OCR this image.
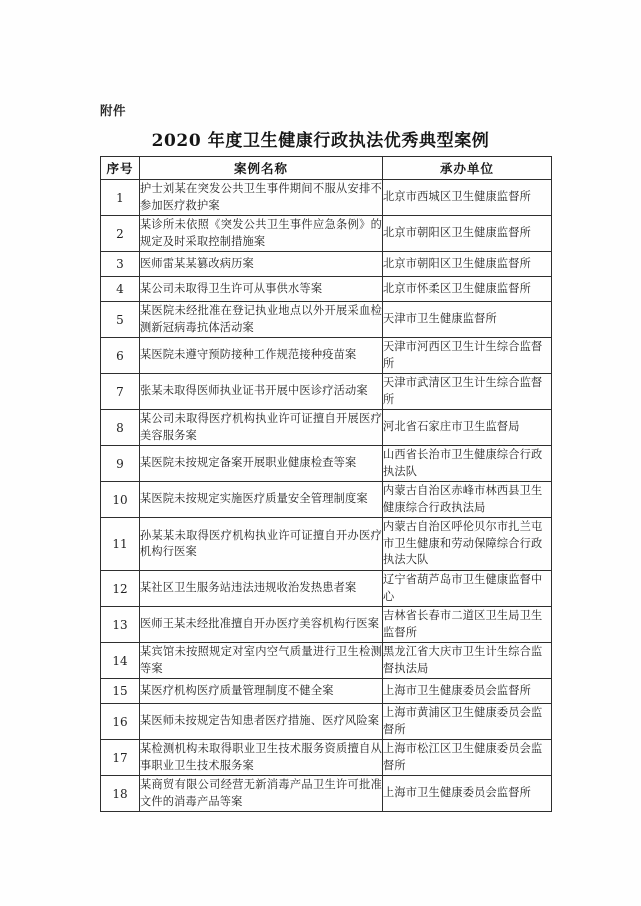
附件
2020 年度卫生健康行政执法优秀典型案例
序号	案例名称	承办单位
1	护士刘某在突发公共卫生事件期间不服从安排不参加医疗救护案	北京市西城区卫生健康监督所
2	某诊所未依照《突发公共卫生事件应急条例》的规定及时采取控制措施案	北京市朝阳区卫生健康监督所
3	医师雷某某篡改病历案	北京市朝阳区卫生健康监督所
4	某公司未取得卫生许可从事供水等案	北京市怀柔区卫生健康监督所
5	某医院未经批准在登记执业地点以外开展采血检测新冠病毒抗体活动案	天津市卫生健康监督所
6	某医院未遵守预防接种工作规范接种疫苗案	天津市河西区卫生计生综合监督所
7	张某未取得医师执业证书开展中医诊疗活动案	天津市武清区卫生计生综合监督所
8	某公司未取得医疗机构执业许可证擅自开展医疗美容服务案	河北省石家庄市卫生监督局
9	某医院未按规定备案开展职业健康检查等案	山西省长治市卫生健康综合行政执法队
10	某医院未按规定实施医疗质量安全管理制度案	内蒙古自治区赤峰市林西县卫生健康综合行政执法局
11	孙某某未取得医疗机构执业许可证擅自开办医疗机构行医案	内蒙古自治区呼伦贝尔市扎兰屯市卫生健康和劳动保障综合行政执法大队
12	某社区卫生服务站违法违规收治发热患者案	辽宁省葫芦岛市卫生健康监督中心
13	医师王某未经批准擅自开办医疗美容机构行医案	吉林省长春市二道区卫生局卫生监督所
14	某宾馆未按照规定对室内空气质量进行卫生检测等案	黑龙江省大庆市卫生计生综合监督执法局
15	某医疗机构医疗质量管理制度不健全案	上海市卫生健康委员会监督所
16	某医师未按规定告知患者医疗措施、医疗风险案	上海市黄浦区卫生健康委员会监督所
17	某检测机构未取得职业卫生技术服务资质擅自从事职业卫生技术服务案	上海市松江区卫生健康委员会监督所
18	某商贸有限公司经营无新消毒产品卫生许可批准文件的消毒产品等案	上海市卫生健康委员会监督所
